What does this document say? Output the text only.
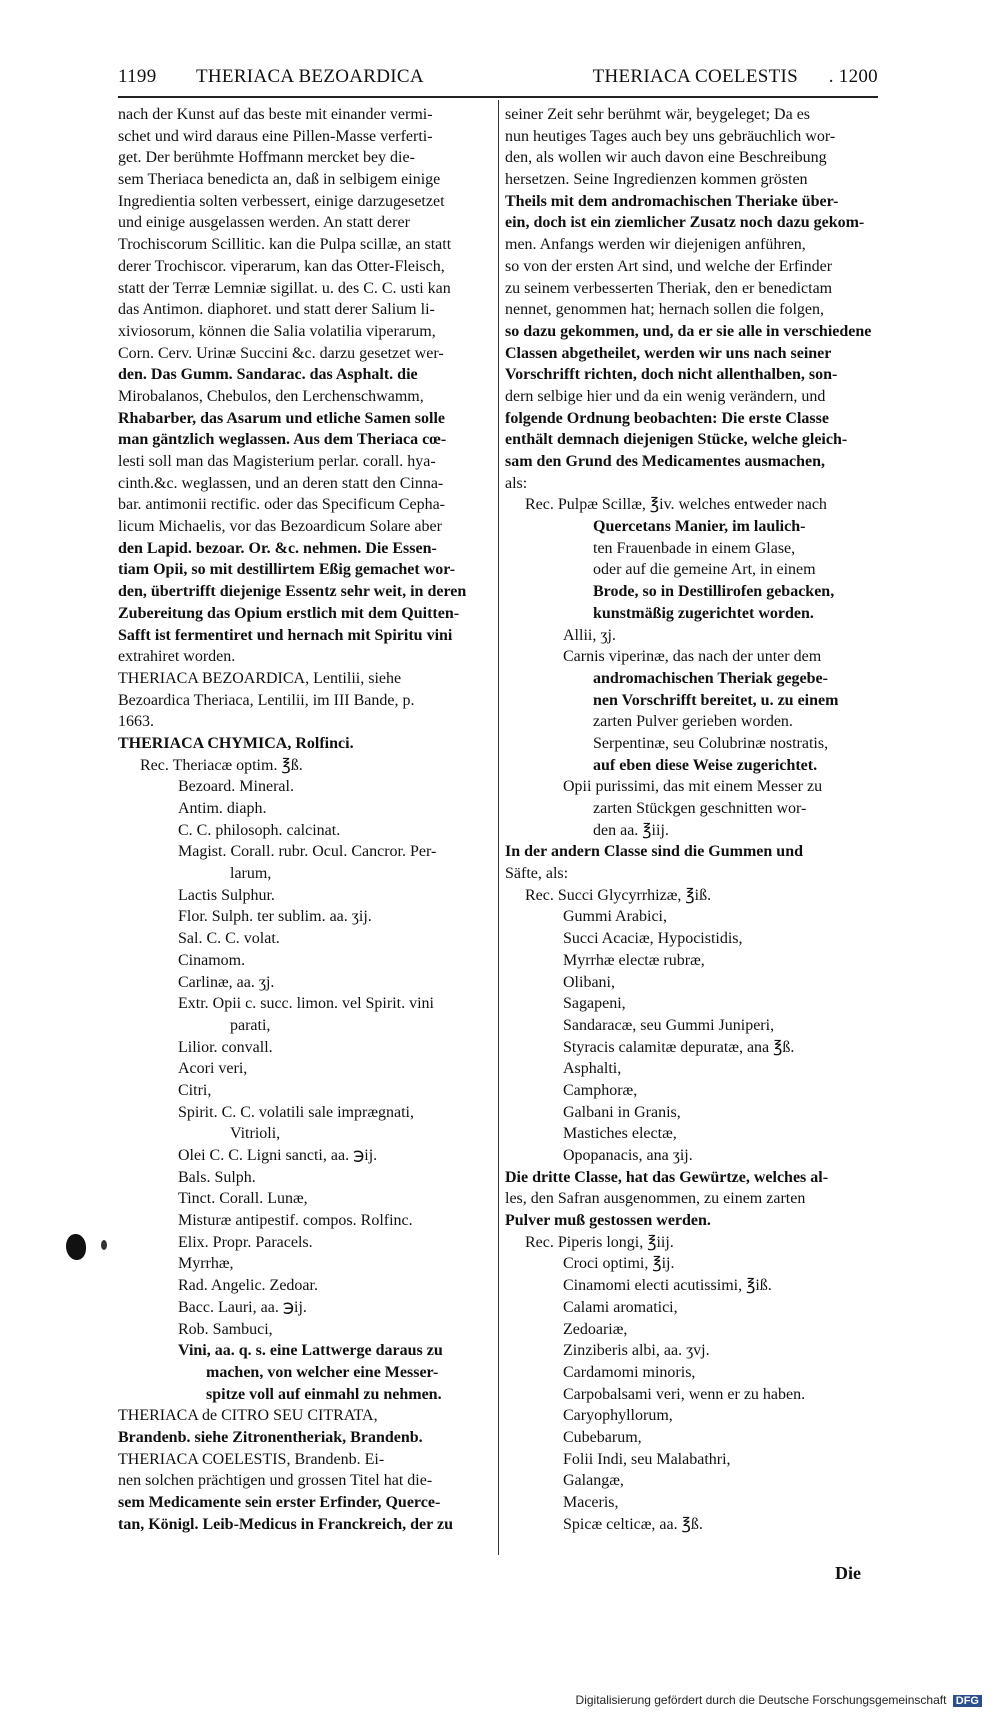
1199 THERIACA BEZOARDICA	THERIACA COELESTIS . 1200
nach der Kunst auf das beste mit einander vermi-
schet und wird daraus eine Pillen-Masse verferti-
get. Der berühmte Hoffmann mercket bey die-
sem Theriaca benedicta an, daß in selbigem einige
Ingredientia solten verbessert, einige darzugesetzet
und einige ausgelassen werden. An statt derer
Trochiscorum Scillitic. kan die Pulpa scillæ, an statt
derer Trochiscor. viperarum, kan das Otter-Fleisch,
statt der Terræ Lemniæ sigillat. u. des C. C. usti kan
das Antimon. diaphoret. und statt derer Salium li-
xiviosorum, können die Salia volatilia viperarum,
Corn. Cerv. Urinæ Succini &c. darzu gesetzet wer-
den. Das Gumm. Sandarac. das Asphalt. die
Mirobalanos, Chebulos, den Lerchenschwamm,
Rhabarber, das Asarum und etliche Samen solle
man gäntzlich weglassen. Aus dem Theriaca cœ-
lesti soll man das Magisterium perlar. corall. hya-
cinth.&c. weglassen, und an deren statt den Cinna-
bar. antimonii rectific. oder das Specificum Cepha-
licum Michaelis, vor das Bezoardicum Solare aber
den Lapid. bezoar. Or. &c. nehmen. Die Essen-
tiam Opii, so mit destillirtem Eßig gemachet wor-
den, übertrifft diejenige Essentz sehr weit, in deren
Zubereitung das Opium erstlich mit dem Quitten-
Safft ist fermentiret und hernach mit Spiritu vini
extrahiret worden.
THERIACA BEZOARDICA, Lentilii, siehe
Bezoardica Theriaca, Lentilii, im III Bande, p.
1663.
THERIACA CHYMICA, Rolfinci.
Rec. Theriacæ optim. ℥ß.
Bezoard. Mineral.
Antim. diaph.
C. C. philosoph. calcinat.
Magist. Corall. rubr. Ocul. Cancror. Per-
larum,
Lactis Sulphur.
Flor. Sulph. ter sublim. aa. ʒij.
Sal. C. C. volat.
Cinamom.
Carlinæ, aa. ʒj.
Extr. Opii c. succ. limon. vel Spirit. vini
parati,
Lilior. convall.
Acori veri,
Citri,
Spirit. C. C. volatili sale imprægnati,
Vitrioli,
Olei C. C. Ligni sancti, aa. ℈ij.
Bals. Sulph.
Tinct. Corall. Lunæ,
Misturæ antipestif. compos. Rolfinc.
Elix. Propr. Paracels.
Myrrhæ,
Rad. Angelic. Zedoar.
Bacc. Lauri, aa. ℈ij.
Rob. Sambuci,
Vini, aa. q. s. eine Lattwerge daraus zu
machen, von welcher eine Messer-
spitze voll auf einmahl zu nehmen.
THERIACA de CITRO SEU CITRATA,
Brandenb. siehe Zitronentheriak, Brandenb.
THERIACA COELESTIS, Brandenb. Ei-
nen solchen prächtigen und grossen Titel hat die-
sem Medicamente sein erster Erfinder, Querce-
tan, Königl. Leib-Medicus in Franckreich, der zu
seiner Zeit sehr berühmt wär, beygeleget; Da es
nun heutiges Tages auch bey uns gebräuchlich wor-
den, als wollen wir auch davon eine Beschreibung
hersetzen. Seine Ingredienzen kommen grösten
Theils mit dem andromachischen Theriake über-
ein, doch ist ein ziemlicher Zusatz noch dazu gekom-
men. Anfangs werden wir diejenigen anführen,
so von der ersten Art sind, und welche der Erfinder
zu seinem verbesserten Theriak, den er benedictam
nennet, genommen hat; hernach sollen die folgen,
so dazu gekommen, und, da er sie alle in verschiedene
Classen abgetheilet, werden wir uns nach seiner
Vorschrifft richten, doch nicht allenthalben, son-
dern selbige hier und da ein wenig verändern, und
folgende Ordnung beobachten: Die erste Classe
enthält demnach diejenigen Stücke, welche gleich-
sam den Grund des Medicamentes ausmachen,
als:
Rec. Pulpæ Scillæ, ℥iv. welches entweder nach
Quercetans Manier, im laulich-
ten Frauenbade in einem Glase,
oder auf die gemeine Art, in einem
Brode, so in Destillirofen gebacken,
kunstmäßig zugerichtet worden.
Allii, ʒj.
Carnis viperinæ, das nach der unter dem
andromachischen Theriak gegebe-
nen Vorschrifft bereitet, u. zu einem
zarten Pulver gerieben worden.
Serpentinæ, seu Colubrinæ nostratis,
auf eben diese Weise zugerichtet.
Opii purissimi, das mit einem Messer zu
zarten Stückgen geschnitten wor-
den aa. ℥iij.
In der andern Classe sind die Gummen und
Säfte, als:
Rec. Succi Glycyrrhizæ, ℥iß.
Gummi Arabici,
Succi Acaciæ, Hypocistidis,
Myrrhæ electæ rubræ,
Olibani,
Sagapeni,
Sandaracæ, seu Gummi Juniperi,
Styracis calamitæ depuratæ, ana ℥ß.
Asphalti,
Camphoræ,
Galbani in Granis,
Mastiches electæ,
Opopanacis, ana ʒij.
Die dritte Classe, hat das Gewürtze, welches al-
les, den Safran ausgenommen, zu einem zarten
Pulver muß gestossen werden.
Rec. Piperis longi, ℥iij.
Croci optimi, ℥ij.
Cinamomi electi acutissimi, ℥iß.
Calami aromatici,
Zedoariæ,
Zinziberis albi, aa. ʒvj.
Cardamomi minoris,
Carpobalsami veri, wenn er zu haben.
Caryophyllorum,
Cubebarum,
Folii Indi, seu Malabathri,
Galangæ,
Maceris,
Spicæ celticæ, aa. ℥ß.
Die
Digitalisierung gefördert durch die Deutsche Forschungsgemeinschaft DFG
